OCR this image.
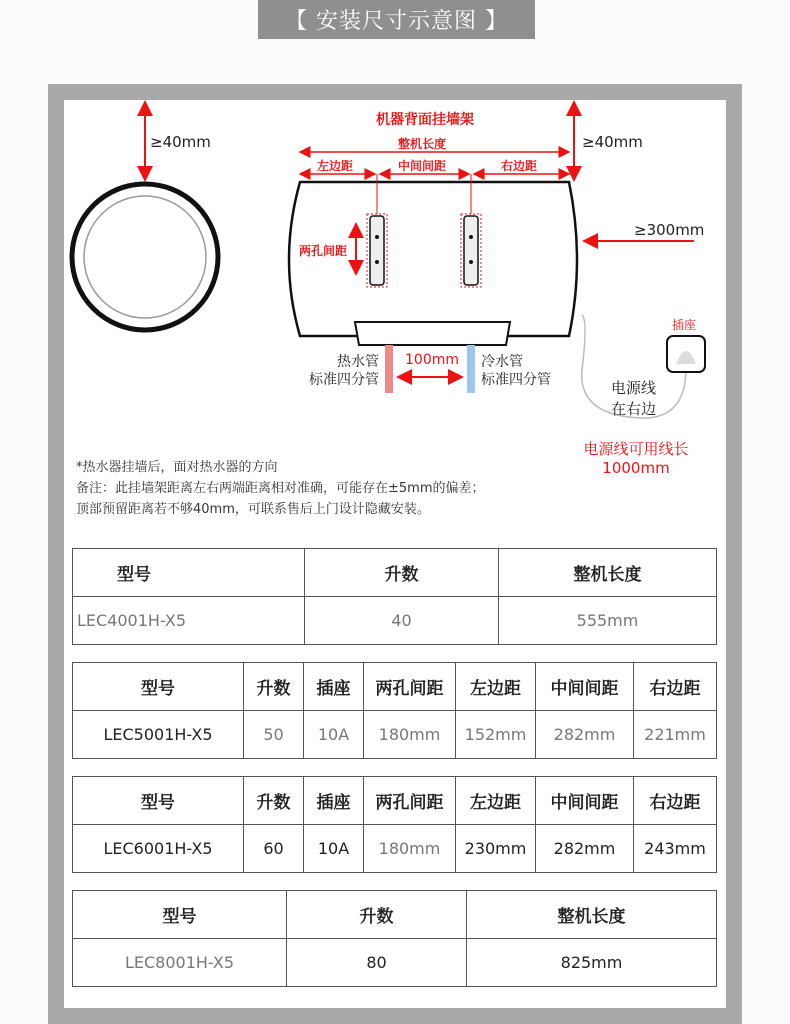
【 安装尺寸示意图 】
≥40mm	≥40mm
机器背面挂墙架
整机长度
左边距	中间间距	右边距
两孔间距
≥300mm
热水管
标准四分管
冷水管
标准四分管
100mm
插座
电源线
在右边
电源线可用线长
1000mm
*热水器挂墙后，面对热水器的方向
备注：此挂墙架距离左右两端距离相对准确，可能存在±5mm的偏差；
顶部预留距离若不够40mm，可联系售后上门设计隐藏安装。
型号	升数	整机长度
LEC4001H-X5	40	555mm
型号	升数	插座	两孔间距	左边距	中间间距	右边距
LEC5001H-X5	50	10A	180mm	152mm	282mm	221mm
型号	升数	插座	两孔间距	左边距	中间间距	右边距
LEC6001H-X5	60	10A	180mm	230mm	282mm	243mm
型号	升数	整机长度
LEC8001H-X5	80	825mm
